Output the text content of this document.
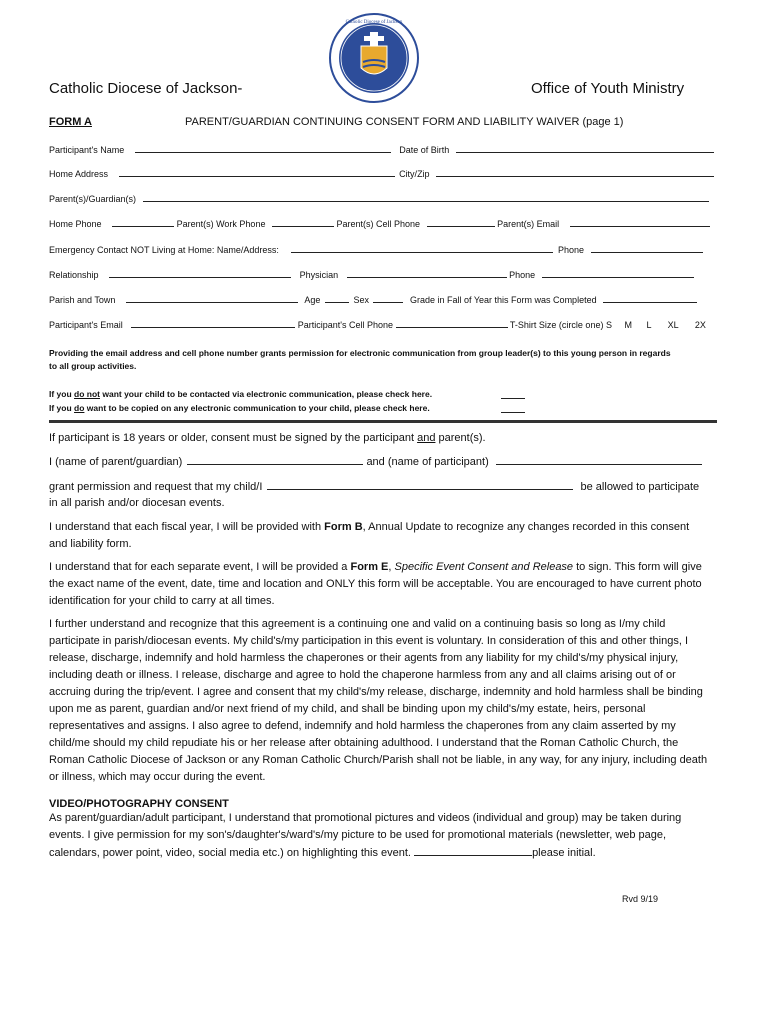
Catholic Diocese of Jackson
Catholic Diocese of Jackson-	Office of Youth Ministry
FORM A	PARENT/GUARDIAN CONTINUING CONSENT FORM AND LIABILITY WAIVER (page 1)
Participant's Name	Date of Birth
Home Address	City/Zip
Parent(s)/Guardian(s)
Home Phone	Parent(s) Work Phone	Parent(s) Cell Phone	Parent(s) Email
Emergency Contact NOT Living at Home: Name/Address:	Phone
Relationship	Physician	Phone
Parish and Town	Age	Sex	Grade in Fall of Year this Form was Completed
Participant's Email	Participant's Cell Phone	T-Shirt Size (circle one) S M L XL 2X
Providing the email address and cell phone number grants permission for electronic communication from group leader(s) to this young person in regards
to all group activities.
If you do not want your child to be contacted via electronic communication, please check here.
If you do want to be copied on any electronic communication to your child, please check here.
If participant is 18 years or older, consent must be signed by the participant and parent(s).
I (name of parent/guardian)	and (name of participant)
grant permission and request that my child/I	be allowed to participate
in all parish and/or diocesan events.
I understand that each fiscal year, I will be provided with Form B, Annual Update to recognize any changes recorded in this consent and liability form.
I understand that for each separate event, I will be provided a Form E, Specific Event Consent and Release to sign. This form will give the exact name of the event, date, time and location and ONLY this form will be acceptable. You are encouraged to have current photo identification for your child to carry at all times.
I further understand and recognize that this agreement is a continuing one and valid on a continuing basis so long as I/my child participate in parish/diocesan events. My child's/my participation in this event is voluntary. In consideration of this and other things, I release, discharge, indemnify and hold harmless the chaperones or their agents from any liability for my child's/my physical injury, including death or illness. I release, discharge and agree to hold the chaperone harmless from any and all claims arising out of or accruing during the trip/event. I agree and consent that my child's/my release, discharge, indemnity and hold harmless shall be binding upon me as parent, guardian and/or next friend of my child, and shall be binding upon my child's/my estate, heirs, personal representatives and assigns. I also agree to defend, indemnify and hold harmless the chaperones from any claim asserted by my child/me should my child repudiate his or her release after obtaining adulthood. I understand that the Roman Catholic Church, the Roman Catholic Diocese of Jackson or any Roman Catholic Church/Parish shall not be liable, in any way, for any injury, including death or illness, which may occur during the event.
VIDEO/PHOTOGRAPHY CONSENT
As parent/guardian/adult participant, I understand that promotional pictures and videos (individual and group) may be taken during events. I give permission for my son's/daughter's/ward's/my picture to be used for promotional materials (newsletter, web page, calendars, power point, video, social media etc.) on highlighting this event.	please initial.
Rvd 9/19
